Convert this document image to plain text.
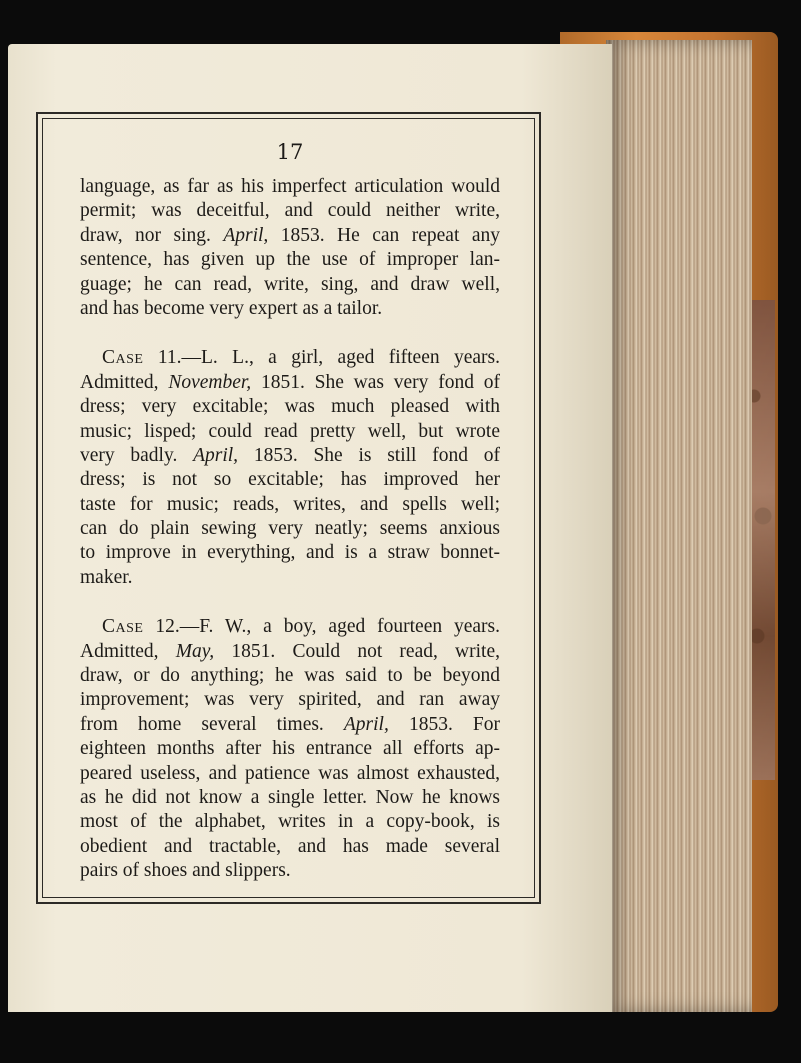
17
language, as far as his imperfect articulation would
permit; was deceitful, and could neither write,
draw, nor sing. April, 1853. He can repeat any
sentence, has given up the use of improper lan-
guage; he can read, write, sing, and draw well,
and has become very expert as a tailor.
Case 11.—L. L., a girl, aged fifteen years.
Admitted, November, 1851. She was very fond of
dress; very excitable; was much pleased with
music; lisped; could read pretty well, but wrote
very badly. April, 1853. She is still fond of
dress; is not so excitable; has improved her
taste for music; reads, writes, and spells well;
can do plain sewing very neatly; seems anxious
to improve in everything, and is a straw bonnet-
maker.
Case 12.—F. W., a boy, aged fourteen years.
Admitted, May, 1851. Could not read, write,
draw, or do anything; he was said to be beyond
improvement; was very spirited, and ran away
from home several times. April, 1853. For
eighteen months after his entrance all efforts ap-
peared useless, and patience was almost exhausted,
as he did not know a single letter. Now he knows
most of the alphabet, writes in a copy-book, is
obedient and tractable, and has made several
pairs of shoes and slippers.
